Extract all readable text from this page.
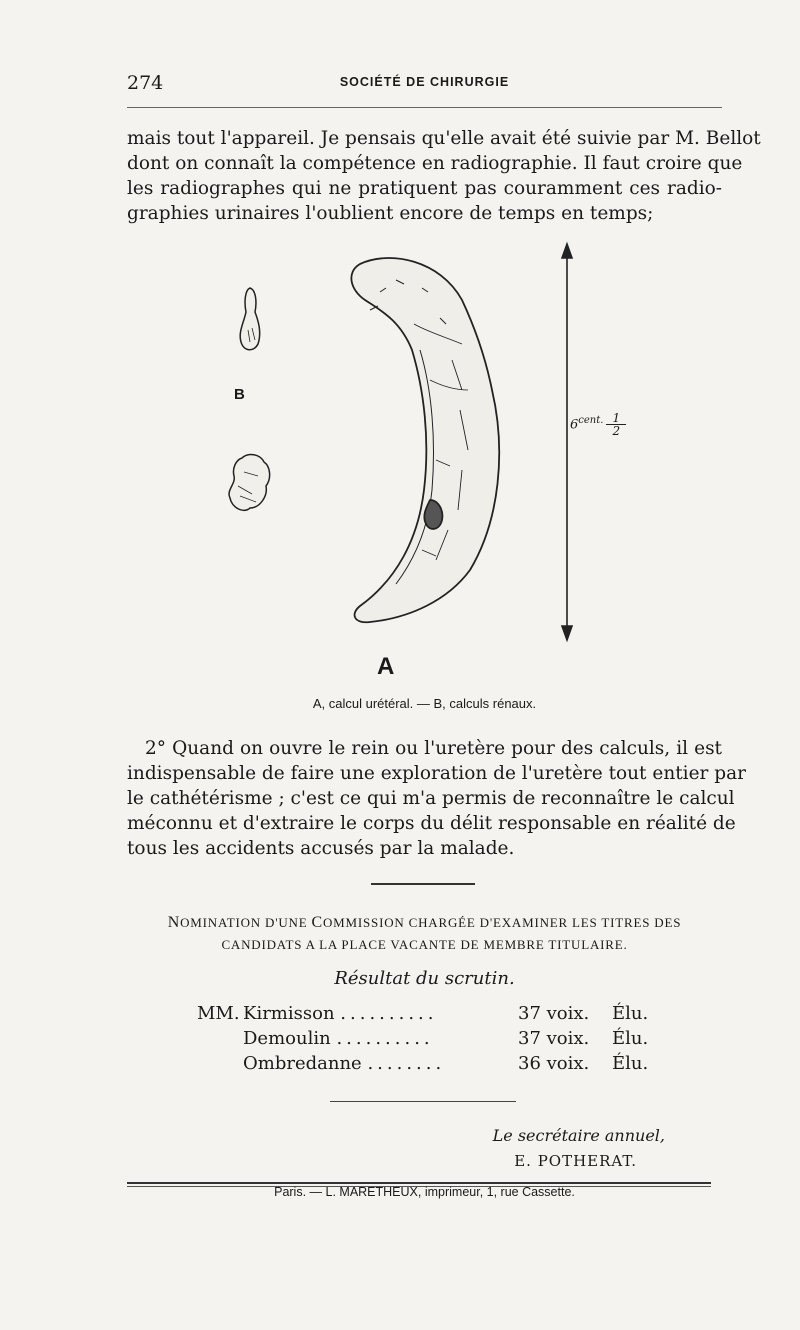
274	SOCIÉTÉ DE CHIRURGIE
mais tout l'appareil. Je pensais qu'elle avait été suivie par M. Bellot
dont on connaît la compétence en radiographie. Il faut croire que
les radiographes qui ne pratiquent pas couramment ces radio-
graphies urinaires l'oublient encore de temps en temps;
B
A
$6^{cent.} \frac{1}{2}$
A, calcul urétéral. — B, calculs rénaux.
2° Quand on ouvre le rein ou l'uretère pour des calculs, il est
indispensable de faire une exploration de l'uretère tout entier par
le cathétérisme ; c'est ce qui m'a permis de reconnaître le calcul
méconnu et d'extraire le corps du délit responsable en réalité de
tous les accidents accusés par la malade.
NOMINATION D'UNE COMMISSION CHARGÉE D'EXAMINER LES TITRES DES
CANDIDATS A LA PLACE VACANTE DE MEMBRE TITULAIRE.
Résultat du scrutin.
MM. Kirmisson ..........	37 voix. Élu.
Demoulin ..........	37 voix. Élu.
Ombredanne ........	36 voix. Élu.
Le secrétaire annuel,
E. POTHERAT.
Paris. — L. MARETHEUX, imprimeur, 1, rue Cassette.
